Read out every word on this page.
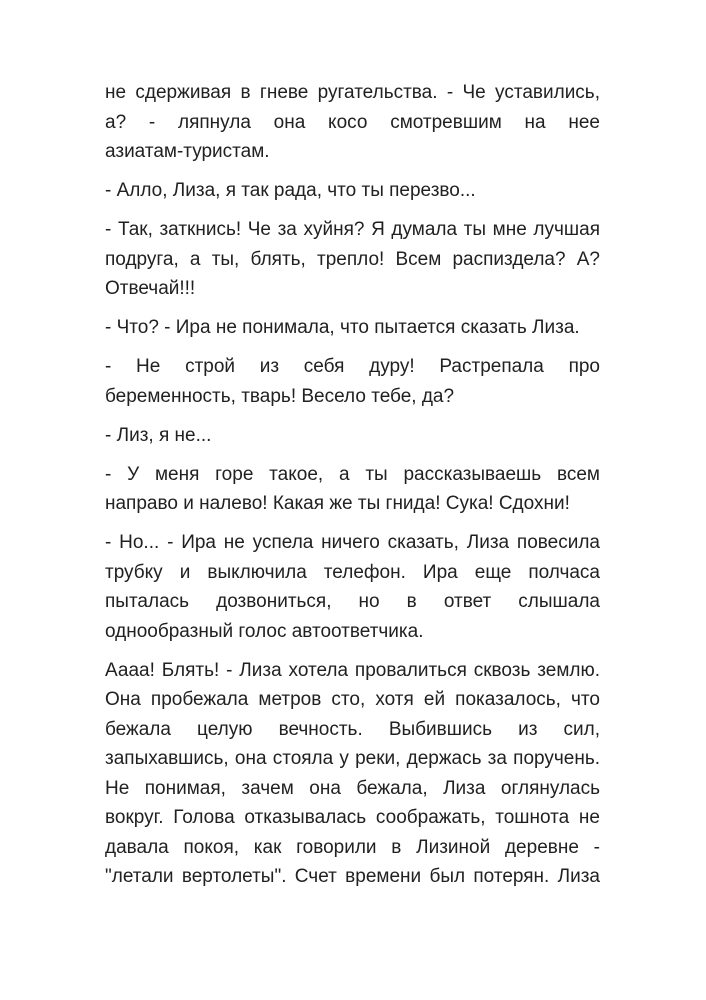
не сдерживая в гневе ругательства. - Че уставились,
а? - ляпнула она косо смотревшим на нее
азиатам-туристам.

- Алло, Лиза, я так рада, что ты перезво...

- Так, заткнись! Че за хуйня? Я думала ты мне лучшая
подруга, а ты, блять, трепло! Всем распиздела? А?
Отвечай!!!

- Что? - Ира не понимала, что пытается сказать Лиза.

- Не строй из себя дуру! Растрепала про
беременность, тварь! Весело тебе, да?

- Лиз, я не...

- У меня горе такое, а ты рассказываешь всем
направо и налево! Какая же ты гнида! Сука! Сдохни!

- Но... - Ира не успела ничего сказать, Лиза повесила
трубку и выключила телефон. Ира еще полчаса
пыталась дозвониться, но в ответ слышала
однообразный голос автоответчика.

Аааа! Блять! - Лиза хотела провалиться сквозь землю.
Она пробежала метров сто, хотя ей показалось, что
бежала целую вечность. Выбившись из сил,
запыхавшись, она стояла у реки, держась за поручень.
Не понимая, зачем она бежала, Лиза оглянулась
вокруг. Голова отказывалась соображать, тошнота не
давала покоя, как говорили в Лизиной деревне -
"летали вертолеты". Счет времени был потерян. Лиза
